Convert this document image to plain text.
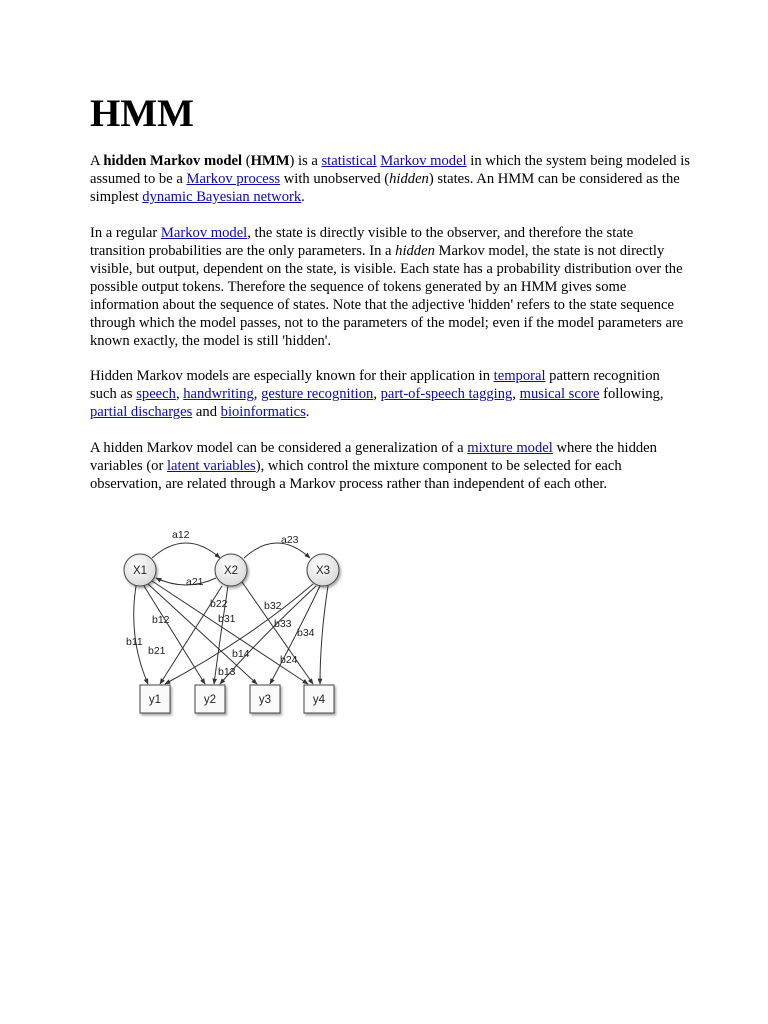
HMM

A hidden Markov model (HMM) is a statistical Markov model in which the system being modeled is assumed to be a Markov process with unobserved (hidden) states. An HMM can be considered as the simplest dynamic Bayesian network.

In a regular Markov model, the state is directly visible to the observer, and therefore the state transition probabilities are the only parameters. In a hidden Markov model, the state is not directly visible, but output, dependent on the state, is visible. Each state has a probability distribution over the possible output tokens. Therefore the sequence of tokens generated by an HMM gives some information about the sequence of states. Note that the adjective 'hidden' refers to the state sequence through which the model passes, not to the parameters of the model; even if the model parameters are known exactly, the model is still 'hidden'.

Hidden Markov models are especially known for their application in temporal pattern recognition such as speech, handwriting, gesture recognition, part-of-speech tagging, musical score following, partial discharges and bioinformatics.

A hidden Markov model can be considered a generalization of a mixture model where the hidden variables (or latent variables), which control the mixture component to be selected for each observation, are related through a Markov process rather than independent of each other.

a12
a21
a23
b11
b12
b13
b14
b21
b22
b24
b31
b32
b33
b34
X1	X2	X3
y1	y2	y3	y4
